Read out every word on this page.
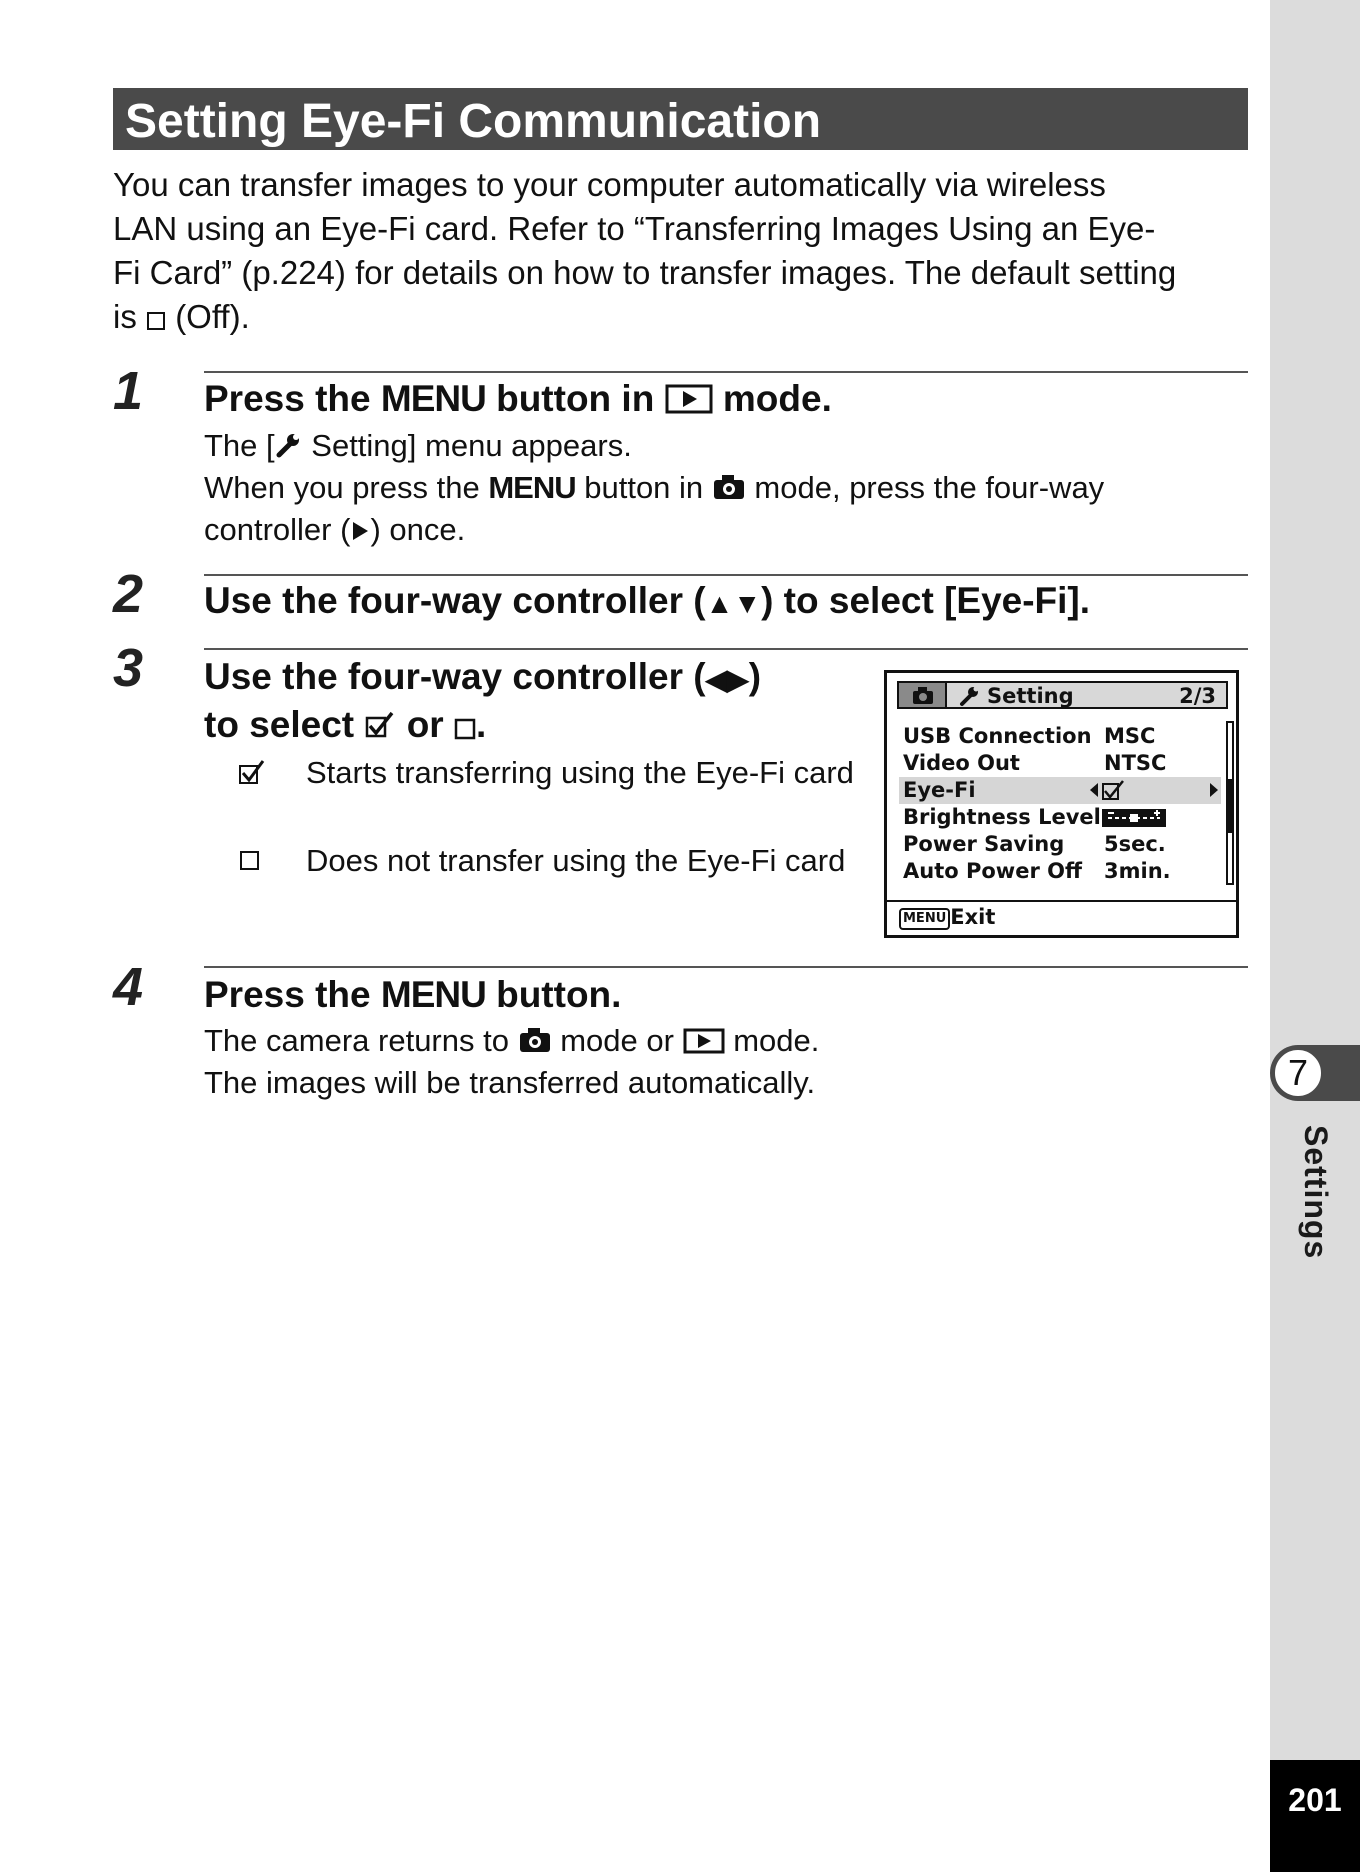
7
Settings
201
Setting Eye-Fi Communication
You can transfer images to your computer automatically via wireless
LAN using an Eye-Fi card. Refer to “Transferring Images Using an Eye-
Fi Card” (p.224) for details on how to transfer images. The default setting
is (Off).
1 Press the MENU button in mode.
The [ Setting] menu appears.
When you press the MENU button in mode, press the four-way
controller ( ) once.
2 Use the four-way controller (▲▼) to select [Eye-Fi].
3 Use the four-way controller (◀▶)
to select or .
Starts transferring using the Eye-Fi card
Does not transfer using the Eye-Fi card
Setting	2/3
USB Connection MSC
Video Out	NTSC
Eye-Fi
Brightness Level
Power Saving 5sec.
Auto Power Off 3min.
MENU Exit
4 Press the MENU button.
The camera returns to mode or mode.
The images will be transferred automatically.
